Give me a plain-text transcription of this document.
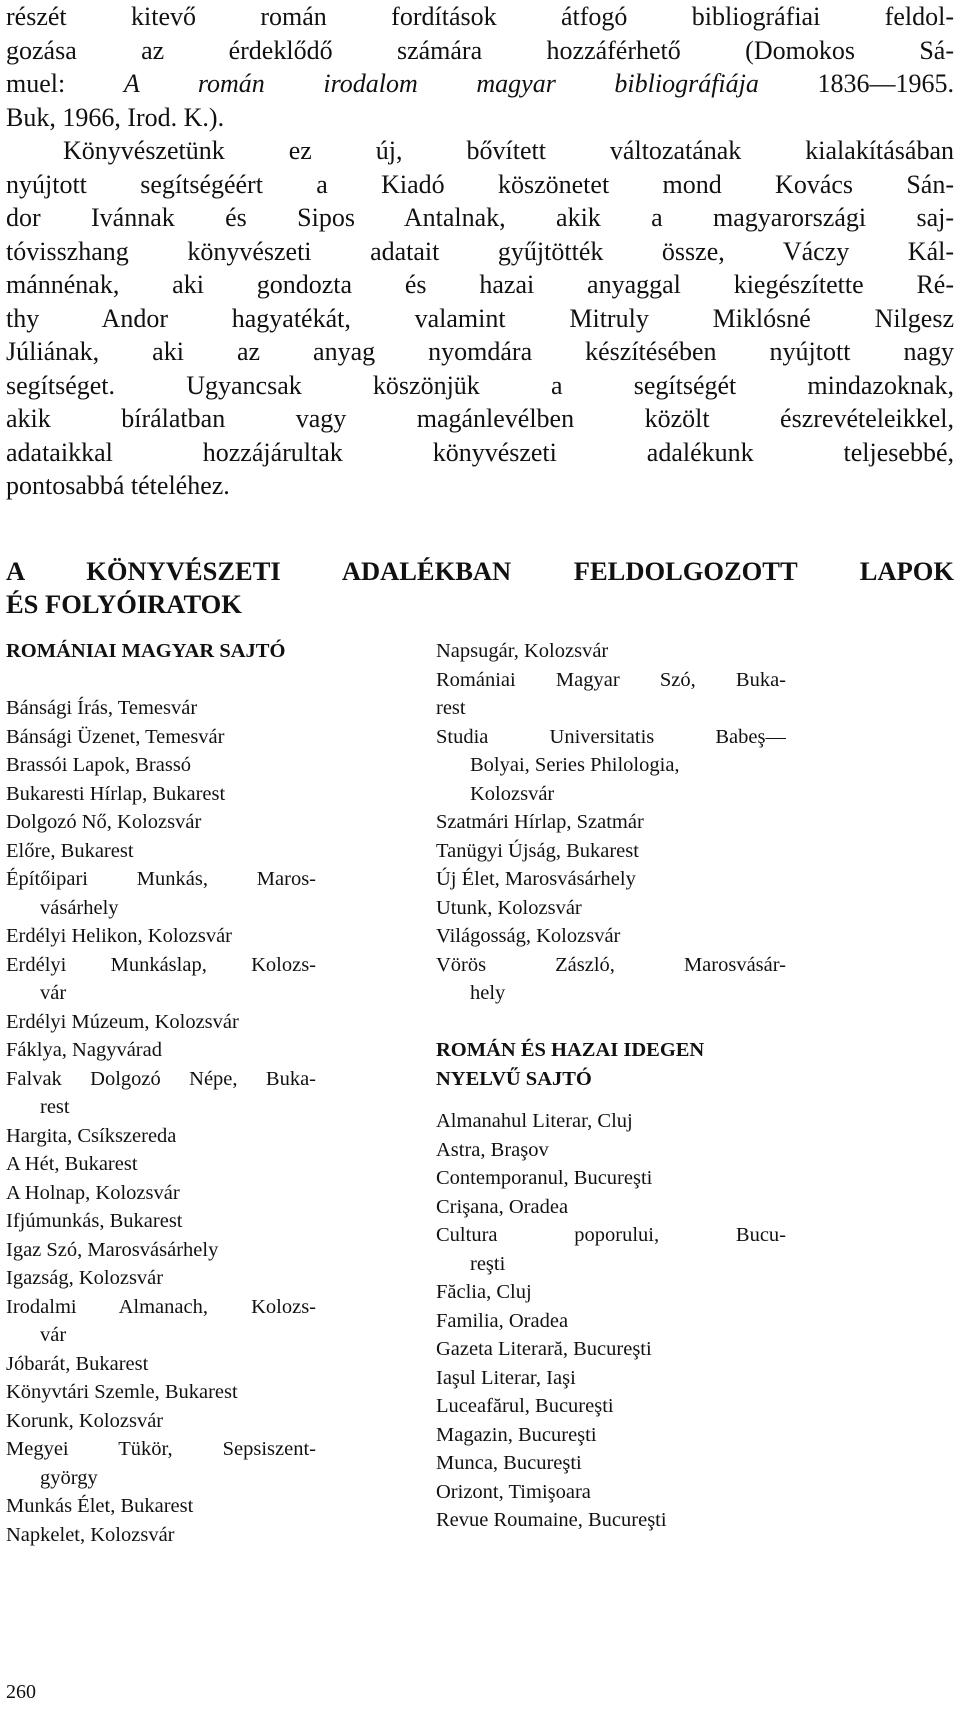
részét kitevő román fordítások átfogó bibliográfiai feldol-
gozása az érdeklődő számára hozzáférhető (Domokos Sá-
muel: A román irodalom magyar bibliográfiája 1836—1965.
Buk, 1966, Irod. K.).
Könyvészetünk ez új, bővített változatának kialakításában
nyújtott segítségéért a Kiadó köszönetet mond Kovács Sán-
dor Ivánnak és Sipos Antalnak, akik a magyarországi saj-
tóvisszhang könyvészeti adatait gyűjtötték össze, Váczy Kál-
mánnénak, aki gondozta és hazai anyaggal kiegészítette Ré-
thy Andor hagyatékát, valamint Mitruly Miklósné Nilgesz
Júliának, aki az anyag nyomdára készítésében nyújtott nagy
segítséget. Ugyancsak köszönjük a segítségét mindazoknak,
akik bírálatban vagy magánlevélben közölt észrevételeikkel,
adataikkal hozzájárultak könyvészeti adalékunk teljesebbé,
pontosabbá tételéhez.
A KÖNYVÉSZETI ADALÉKBAN FELDOLGOZOTT LAPOK
ÉS FOLYÓIRATOK
ROMÁNIAI MAGYAR SAJTÓ
Bánsági Írás, Temesvár
Bánsági Üzenet, Temesvár
Brassói Lapok, Brassó
Bukaresti Hírlap, Bukarest
Dolgozó Nő, Kolozsvár
Előre, Bukarest
Építőipari Munkás, Maros-
vásárhely
Erdélyi Helikon, Kolozsvár
Erdélyi Munkáslap, Kolozs-
vár
Erdélyi Múzeum, Kolozsvár
Fáklya, Nagyvárad
Falvak Dolgozó Népe, Buka-
rest
Hargita, Csíkszereda
A Hét, Bukarest
A Holnap, Kolozsvár
Ifjúmunkás, Bukarest
Igaz Szó, Marosvásárhely
Igazság, Kolozsvár
Irodalmi Almanach, Kolozs-
vár
Jóbarát, Bukarest
Könyvtári Szemle, Bukarest
Korunk, Kolozsvár
Megyei Tükör, Sepsiszent-
györgy
Munkás Élet, Bukarest
Napkelet, Kolozsvár
Napsugár, Kolozsvár
Romániai Magyar Szó, Buka-
rest
Studia Universitatis Babeş—
Bolyai, Series Philologia,
Kolozsvár
Szatmári Hírlap, Szatmár
Tanügyi Újság, Bukarest
Új Élet, Marosvásárhely
Utunk, Kolozsvár
Világosság, Kolozsvár
Vörös Zászló, Marosvásár-
hely
ROMÁN ÉS HAZAI IDEGEN
NYELVŰ SAJTÓ
Almanahul Literar, Cluj
Astra, Braşov
Contemporanul, Bucureşti
Crişana, Oradea
Cultura poporului, Bucu-
reşti
Făclia, Cluj
Familia, Oradea
Gazeta Literară, Bucureşti
Iaşul Literar, Iaşi
Luceafărul, Bucureşti
Magazin, Bucureşti
Munca, Bucureşti
Orizont, Timişoara
Revue Roumaine, Bucureşti
260
